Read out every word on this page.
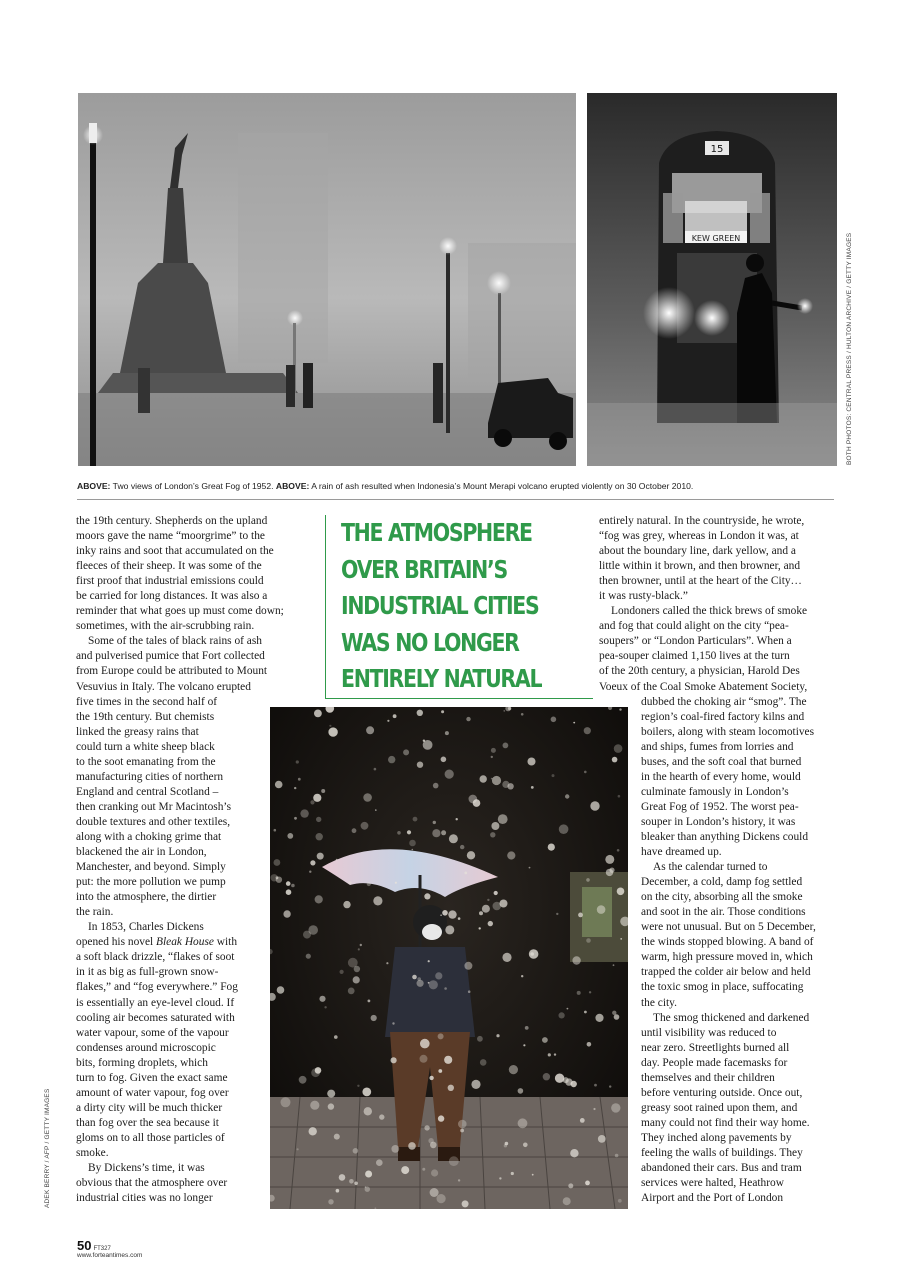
KEW GREEN
15
BOTH PHOTOS: CENTRAL PRESS / HULTON ARCHIVE / GETTY IMAGES
ABOVE: Two views of London’s Great Fog of 1952. ABOVE: A rain of ash resulted when Indonesia’s Mount Merapi volcano erupted violently on 30 October 2010.
THE ATMOSPHERE
OVER BRITAIN’S
INDUSTRIAL CITIES
WAS NO LONGER
ENTIRELY NATURAL
ADEK BERRY / AFP / GETTY IMAGES
the 19th century. Shepherds on the upland
moors gave the name “moorgrime” to the
inky rains and soot that accumulated on the
fleeces of their sheep. It was some of the
first proof that industrial emissions could
be carried for long distances. It was also a
reminder that what goes up must come down;
sometimes, with the air-scrubbing rain.
Some of the tales of black rains of ash
and pulverised pumice that Fort collected
from Europe could be attributed to Mount
Vesuvius in Italy. The volcano erupted
five times in the second half of
the 19th century. But chemists
linked the greasy rains that
could turn a white sheep black
to the soot emanating from the
manufacturing cities of northern
England and central Scotland –
then cranking out Mr Macintosh’s
double textures and other textiles,
along with a choking grime that
blackened the air in London,
Manchester, and beyond. Simply
put: the more pollution we pump
into the atmosphere, the dirtier
the rain.
In 1853, Charles Dickens
opened his novel Bleak House with
a soft black drizzle, “flakes of soot
in it as big as full-grown snow-
flakes,” and “fog everywhere.” Fog
is essentially an eye-level cloud. If
cooling air becomes saturated with
water vapour, some of the vapour
condenses around microscopic
bits, forming droplets, which
turn to fog. Given the exact same
amount of water vapour, fog over
a dirty city will be much thicker
than fog over the sea because it
gloms on to all those particles of
smoke.
By Dickens’s time, it was
obvious that the atmosphere over
industrial cities was no longer
entirely natural. In the countryside, he wrote,
“fog was grey, whereas in London it was, at
about the boundary line, dark yellow, and a
little within it brown, and then browner, and
then browner, until at the heart of the City…
it was rusty-black.”
Londoners called the thick brews of smoke
and fog that could alight on the city “pea-
soupers” or “London Particulars”. When a
pea-souper claimed 1,150 lives at the turn
of the 20th century, a physician, Harold Des
Voeux of the Coal Smoke Abatement Society,
dubbed the choking air “smog”. The
region’s coal-fired factory kilns and
boilers, along with steam locomotives
and ships, fumes from lorries and
buses, and the soft coal that burned
in the hearth of every home, would
culminate famously in London’s
Great Fog of 1952. The worst pea-
souper in London’s history, it was
bleaker than anything Dickens could
have dreamed up.
As the calendar turned to
December, a cold, damp fog settled
on the city, absorbing all the smoke
and soot in the air. Those conditions
were not unusual. But on 5 December,
the winds stopped blowing. A band of
warm, high pressure moved in, which
trapped the colder air below and held
the toxic smog in place, suffocating
the city.
The smog thickened and darkened
until visibility was reduced to
near zero. Streetlights burned all
day. People made facemasks for
themselves and their children
before venturing outside. Once out,
greasy soot rained upon them, and
many could not find their way home.
They inched along pavements by
feeling the walls of buildings. They
abandoned their cars. Bus and tram
services were halted, Heathrow
Airport and the Port of London
50 FT327
www.forteantimes.com
